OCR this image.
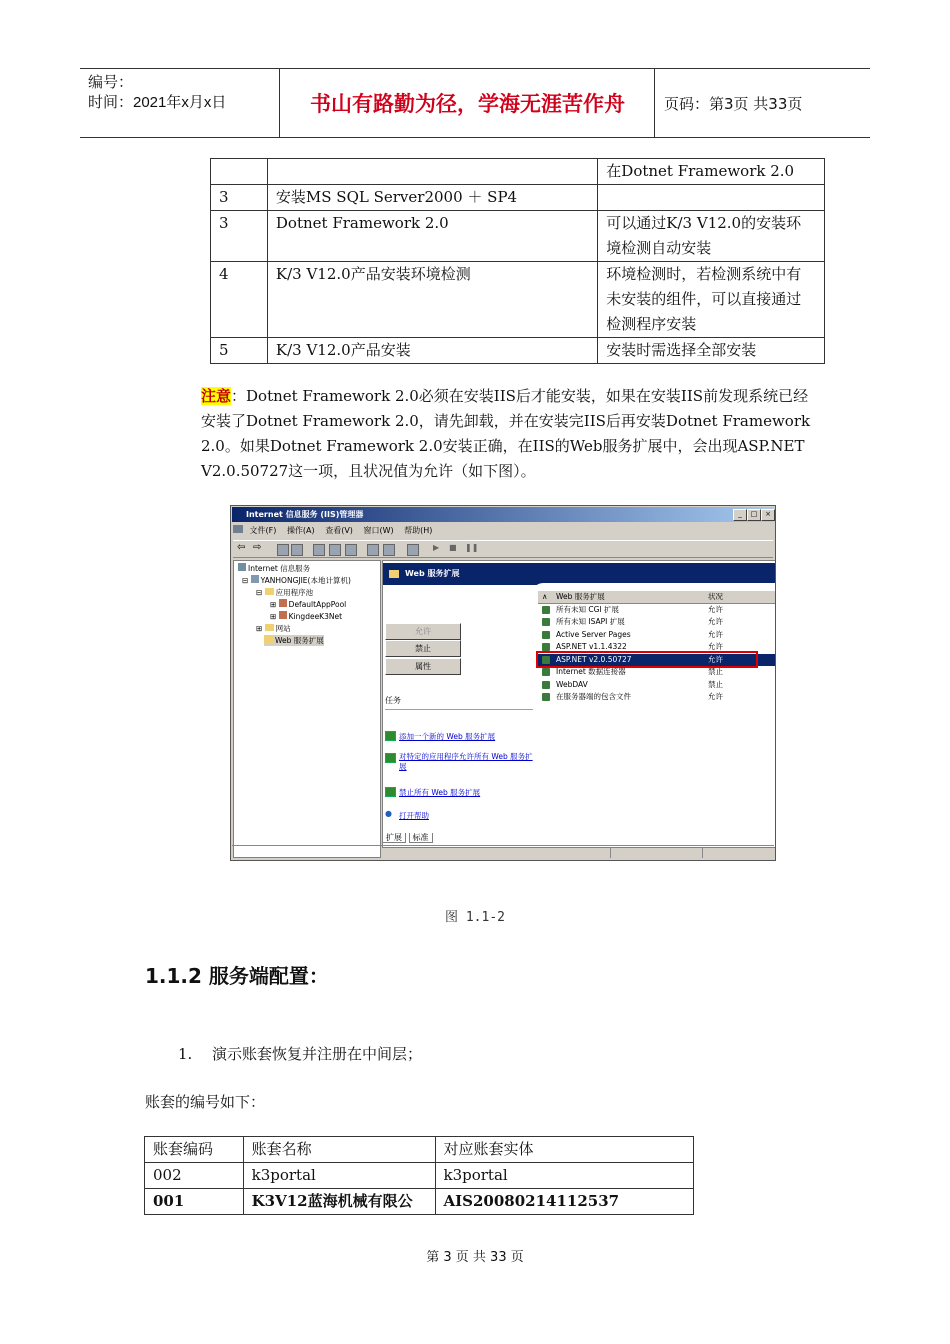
编号：
时间：2021年x月x日	书山有路勤为径，学海无涯苦作舟	页码：第3页 共33页
		在Dotnet Framework 2.0
3	安装MS SQL Server2000 ＋ SP4	
3	Dotnet Framework 2.0	可以通过K/3 V12.0的安装环境检测自动安装
4	K/3 V12.0产品安装环境检测	环境检测时，若检测系统中有未安装的组件，可以直接通过检测程序安装
5	K/3 V12.0产品安装	安装时需选择全部安装
注意：Dotnet Framework 2.0必须在安装IIS后才能安装，如果在安装IIS前发现系统已经安装了Dotnet Framework 2.0，请先卸载，并在安装完IIS后再安装Dotnet Framework 2.0。如果Dotnet Framework 2.0安装正确，在IIS的Web服务扩展中，会出现ASP.NET V2.0.50727这一项，且状况值为允许（如下图）。
Internet 信息服务 (IIS)管理器	_	□	×
文件(F) 操作(A) 查看(V) 窗口(W) 帮助(H)
⇦ ⇨	▶ ■ ❚❚
Internet 信息服务
⊟ YANHONGJIE(本地计算机)
⊟ 应用程序池
⊞ DefaultAppPool
⊞ KingdeeK3Net
⊞ 网站
Web 服务扩展
Web 服务扩展
允许
禁止
属性
任务
添加一个新的 Web 服务扩展
对特定的应用程序允许所有 Web 服务扩展
禁止所有 Web 服务扩展
● 打开帮助
∧ Web 服务扩展	状况
所有未知 CGI 扩展	允许
所有未知 ISAPI 扩展	允许
Active Server Pages	允许
ASP.NET v1.1.4322	允许
ASP.NET v2.0.50727	允许
Internet 数据连接器	禁止
WebDAV	禁止
在服务器端的包含文件	允许
扩展 标准
图 1.1-2
1.1.2 服务端配置：
1. 演示账套恢复并注册在中间层；
账套的编号如下：
账套编码	账套名称	对应账套实体
002	k3portal	k3portal
001	K3V12蓝海机械有限公	AIS20080214112537
第 3 页 共 33 页
